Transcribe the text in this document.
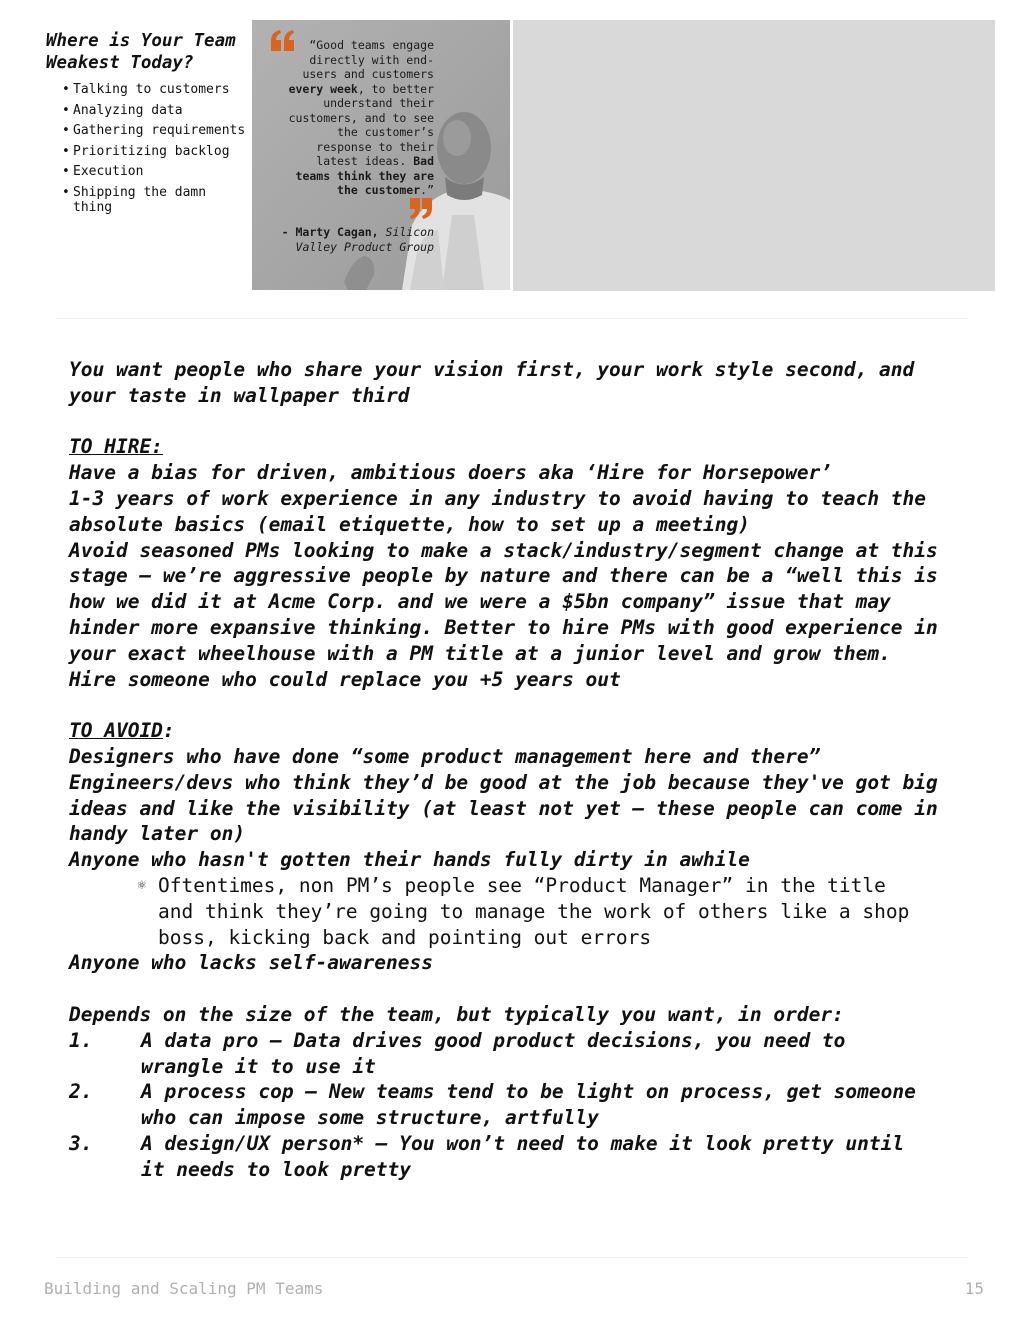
Where is Your Team Weakest Today?
• Talking to customers
• Analyzing data
• Gathering requirements
• Prioritizing backlog
• Execution
• Shipping the damn thing
“Good teams engage directly with end-users and customers every week, to better understand their customers, and to see the customer’s response to their latest ideas. Bad teams think they are the customer.”
- Marty Cagan, Silicon Valley Product Group

You want people who share your vision first, your work style second, and your taste in wallpaper third

TO HIRE:

Have a bias for driven, ambitious doers aka ‘Hire for Horsepower’

1-3 years of work experience in any industry to avoid having to teach the absolute basics (email etiquette, how to set up a meeting)

Avoid seasoned PMs looking to make a stack/industry/segment change at this stage – we’re aggressive people by nature and there can be a “well this is how we did it at Acme Corp. and we were a $5bn company” issue that may hinder more expansive thinking. Better to hire PMs with good experience in your exact wheelhouse with a PM title at a junior level and grow them.

Hire someone who could replace you +5 years out

TO AVOID:

Designers who have done “some product management here and there”

Engineers/devs who think they’d be good at the job because they've got big ideas and like the visibility (at least not yet – these people can come in handy later on)

Anyone who hasn't gotten their hands fully dirty in awhile

⚛ Oftentimes, non PM’s people see “Product Manager” in the title and think they’re going to manage the work of others like a shop boss, kicking back and pointing out errors

Anyone who lacks self-awareness

Depends on the size of the team, but typically you want, in order:

1.	A data pro – Data drives good product decisions, you need to wrangle it to use it
2.	A process cop – New teams tend to be light on process, get someone who can impose some structure, artfully
3.	A design/UX person* – You won’t need to make it look pretty until it needs to look pretty
Building and Scaling PM Teams	15
